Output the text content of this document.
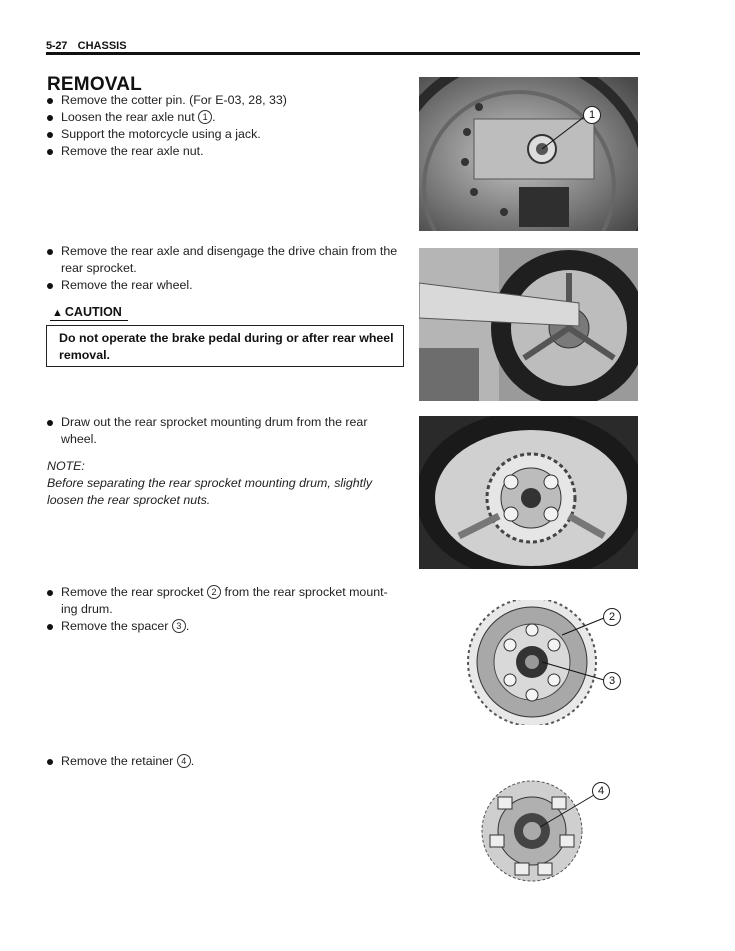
5-27 CHASSIS
REMOVAL
Remove the cotter pin. (For E-03, 28, 33)
Loosen the rear axle nut 1 .
Support the motorcycle using a jack.
Remove the rear axle nut.
1
Remove the rear axle and disengage the drive chain from the rear sprocket.
Remove the rear wheel.
▲ CAUTION
Do not operate the brake pedal during or after rear wheel removal.
Draw out the rear sprocket mounting drum from the rear wheel.
NOTE:
Before separating the rear sprocket mounting drum, slightly loosen the rear sprocket nuts.
Remove the rear sprocket 2 from the rear sprocket mount-ing drum.
Remove the spacer 3 .
2
3
Remove the retainer 4 .
4
